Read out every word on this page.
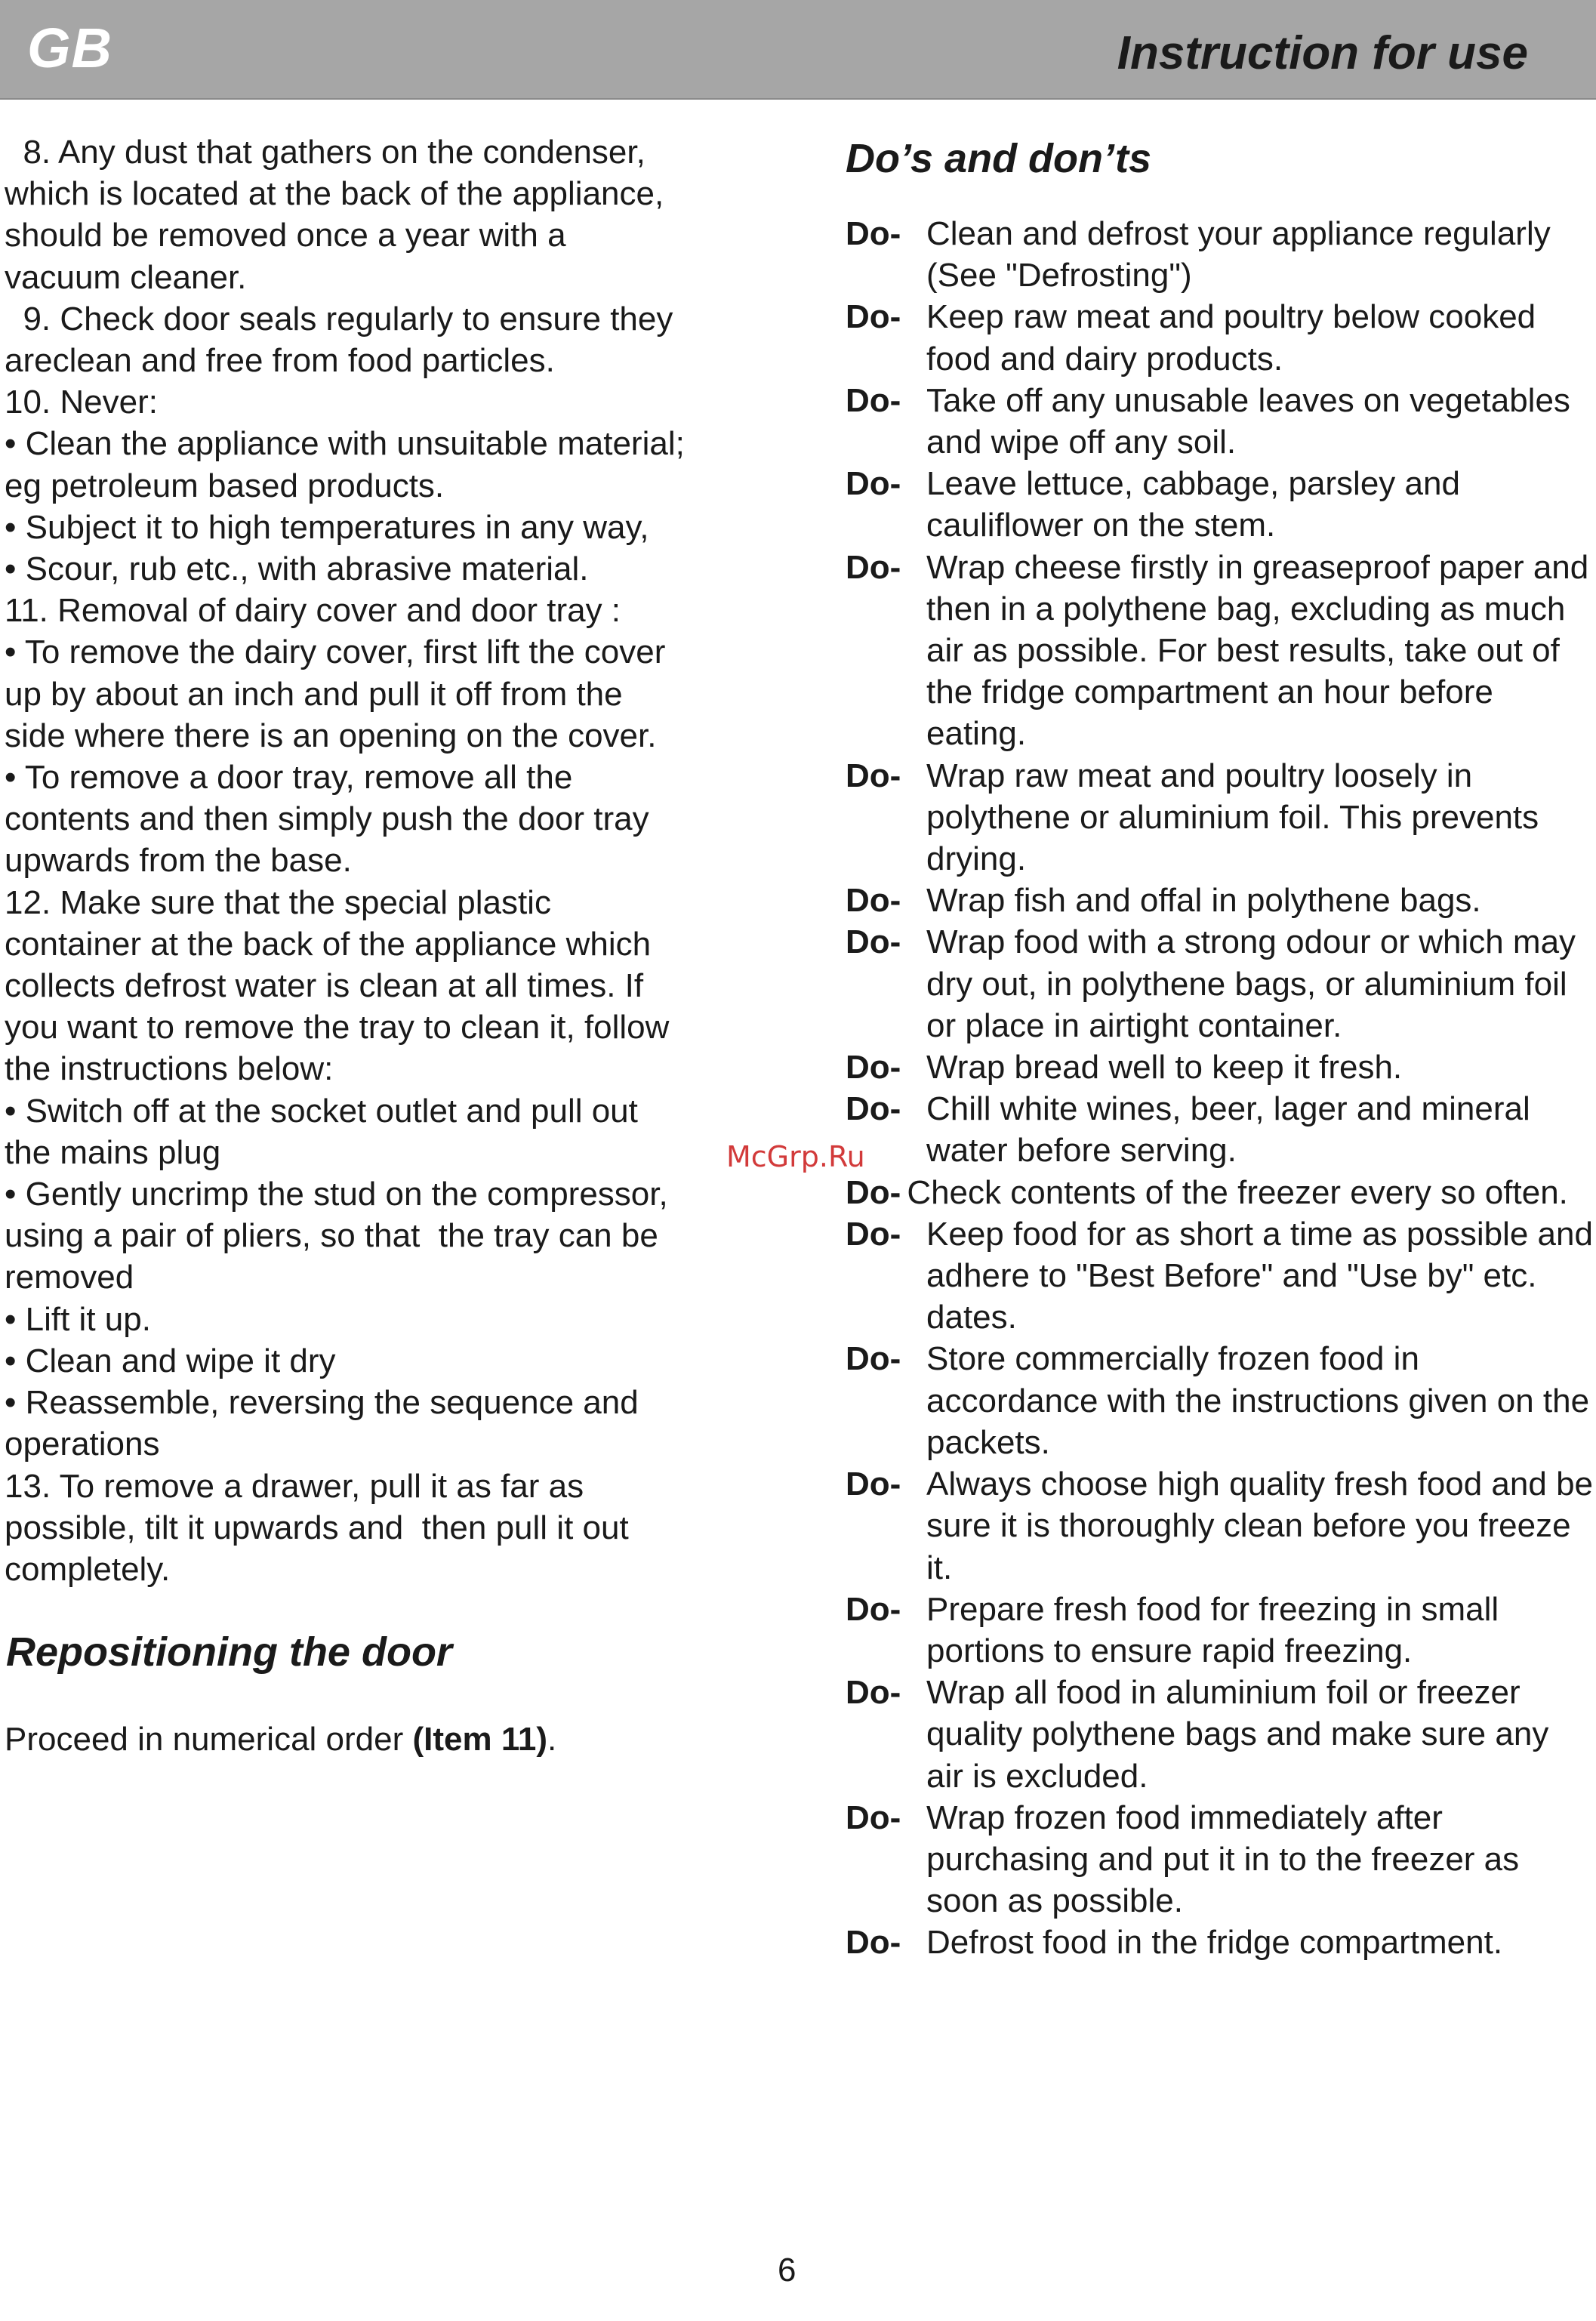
GB	Instruction for use

8. Any dust that gathers on the condenser,

which is located at the back of the appliance,

should be removed once a year with a

vacuum cleaner.

9. Check door seals regularly to ensure they

areclean and free from food particles.

10. Never:

• Clean the appliance with unsuitable material;

eg petroleum based products.

• Subject it to high temperatures in any way,

• Scour, rub etc., with abrasive material.

11. Removal of dairy cover and door tray :

• To remove the dairy cover, first lift the cover

up by about an inch and pull it off from the

side where there is an opening on the cover.

• To remove a door tray, remove all the

contents and then simply push the door tray

upwards from the base.

12. Make sure that the special plastic

container at the back of the appliance which

collects defrost water is clean at all times. If

you want to remove the tray to clean it, follow

the instructions below:

• Switch off at the socket outlet and pull out

the mains plug

• Gently uncrimp the stud on the compressor,

using a pair of pliers, so that  the tray can be

removed

• Lift it up.

• Clean and wipe it dry

• Reassemble, reversing the sequence and

operations

13. To remove a drawer, pull it as far as

possible, tilt it upwards and  then pull it out

completely.

Repositioning the door
Proceed in numerical order (Item 11).
Do’s and don’ts
Do- Clean and defrost your appliance regularly (See "Defrosting")
Do- Keep raw meat and poultry below cooked food and dairy products.
Do- Take off any unusable leaves on vegetables and wipe off any soil.
Do- Leave lettuce, cabbage, parsley and cauliflower on the stem.
Do- Wrap cheese firstly in greaseproof paper and then in a polythene bag, excluding as much air as possible. For best results, take out of the fridge compartment an hour before eating.
Do- Wrap raw meat and poultry loosely in polythene or aluminium foil. This prevents drying.
Do- Wrap fish and offal in polythene bags.
Do- Wrap food with a strong odour or which may dry out, in polythene bags, or aluminium foil or place in airtight container.
Do- Wrap bread well to keep it fresh.
Do- Chill white wines, beer, lager and mineral water before serving.
Do- Check contents of the freezer every so often.
Do- Keep food for as short a time as possible and adhere to "Best Before" and "Use by" etc. dates.
Do- Store commercially frozen food in accordance with the instructions given on the packets.
Do- Always choose high quality fresh food and be sure it is thoroughly clean before you freeze it.
Do- Prepare fresh food for freezing in small portions to ensure rapid freezing.
Do- Wrap all food in aluminium foil or freezer quality polythene bags and make sure any air is excluded.
Do- Wrap frozen food immediately after purchasing and put it in to the freezer as soon as possible.
Do- Defrost food in the fridge compartment.
McGrp.Ru
6
